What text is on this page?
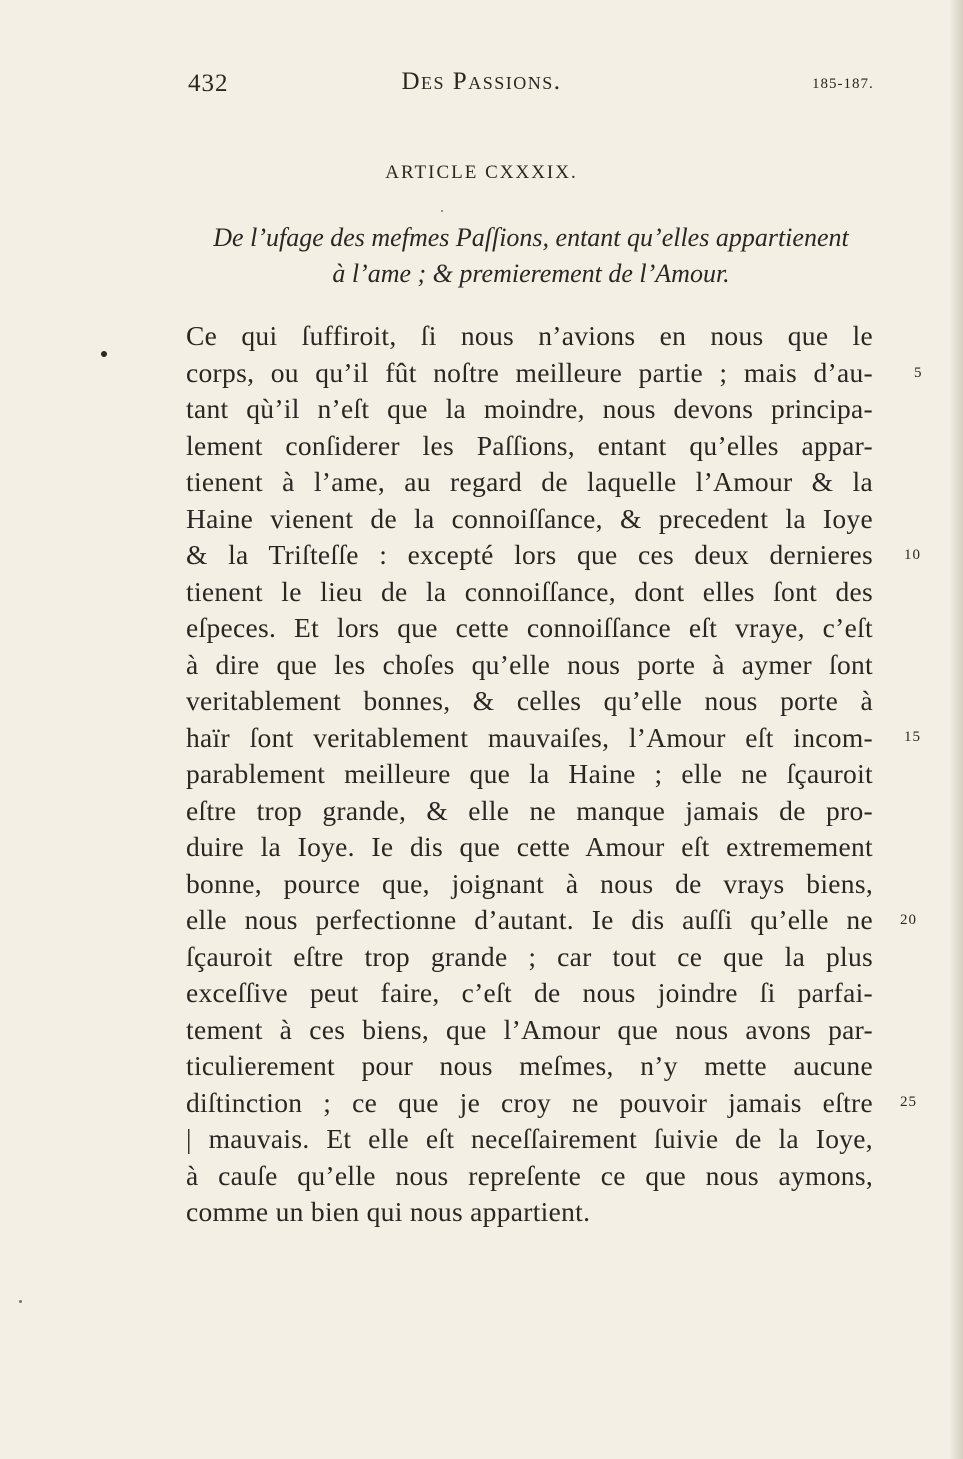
432	Des Passions.	185-187.
ARTICLE CXXXIX.
De l’ufage des mefmes Paſſions, entant qu’elles appartienent
à l’ame ; & premierement de l’Amour.
Ce qui ſuffiroit, ſi nous n’avions en nous que le
corps, ou qu’il fût noſtre meilleure partie ; mais d’au-
tant qù’il n’eſt que la moindre, nous devons principa-
lement conſiderer les Paſſions, entant qu’elles appar-
tienent à l’ame, au regard de laquelle l’Amour & la
Haine vienent de la connoiſſance, & precedent la Ioye
& la Triſteſſe : excepté lors que ces deux dernieres
tienent le lieu de la connoiſſance, dont elles ſont des
eſpeces. Et lors que cette connoiſſance eſt vraye, c’eſt
à dire que les choſes qu’elle nous porte à aymer ſont
veritablement bonnes, & celles qu’elle nous porte à
haïr ſont veritablement mauvaiſes, l’Amour eſt incom-
parablement meilleure que la Haine ; elle ne ſçauroit
eſtre trop grande, & elle ne manque jamais de pro-
duire la Ioye. Ie dis que cette Amour eſt extremement
bonne, pource que, joignant à nous de vrays biens,
elle nous perfectionne d’autant. Ie dis auſſi qu’elle ne
ſçauroit eſtre trop grande ; car tout ce que la plus
exceſſive peut faire, c’eſt de nous joindre ſi parfai-
tement à ces biens, que l’Amour que nous avons par-
ticulierement pour nous meſmes, n’y mette aucune
diſtinction ; ce que je croy ne pouvoir jamais eſtre
| mauvais. Et elle eſt neceſſairement ſuivie de la Ioye,
à cauſe qu’elle nous repreſente ce que nous aymons,
comme un bien qui nous appartient.
5
10
15
20
25
